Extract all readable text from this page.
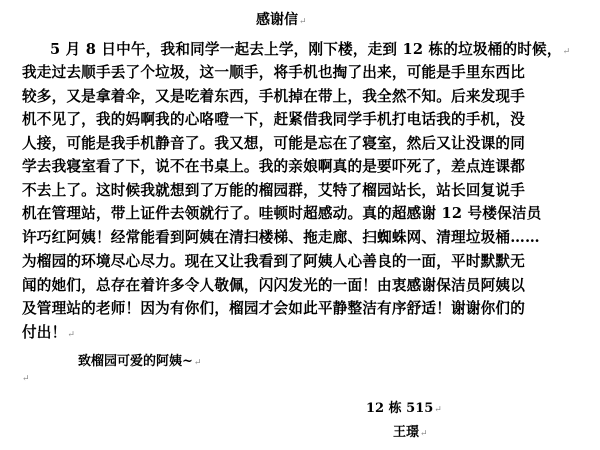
感谢信↵
5 月 8 日中午，我和同学一起去上学，刚下楼，走到 12 栋的垃圾桶的时候，↵
我走过去顺手丢了个垃圾，这一顺手，将手机也掏了出来，可能是手里东西比
较多，又是拿着伞，又是吃着东西，手机掉在带上，我全然不知。后来发现手
机不见了，我的妈啊我的心咯噔一下，赶紧借我同学手机打电话我的手机，没
人接，可能是我手机静音了。我又想，可能是忘在了寝室，然后又让没课的同
学去我寝室看了下，说不在书桌上。我的亲娘啊真的是要吓死了，差点连课都
不去上了。这时候我就想到了万能的榴园群，艾特了榴园站长，站长回复说手
机在管理站，带上证件去领就行了。哇顿时超感动。真的超感谢 12 号楼保洁员
许巧红阿姨！经常能看到阿姨在清扫楼梯、拖走廊、扫蜘蛛网、清理垃圾桶……
为榴园的环境尽心尽力。现在又让我看到了阿姨人心善良的一面，平时默默无
闻的她们，总存在着许多令人敬佩，闪闪发光的一面！由衷感谢保洁员阿姨以
及管理站的老师！因为有你们，榴园才会如此平静整洁有序舒适！谢谢你们的
付出！↵
致榴园可爱的阿姨~↵
↵
12 栋 515↵
王璟↵
